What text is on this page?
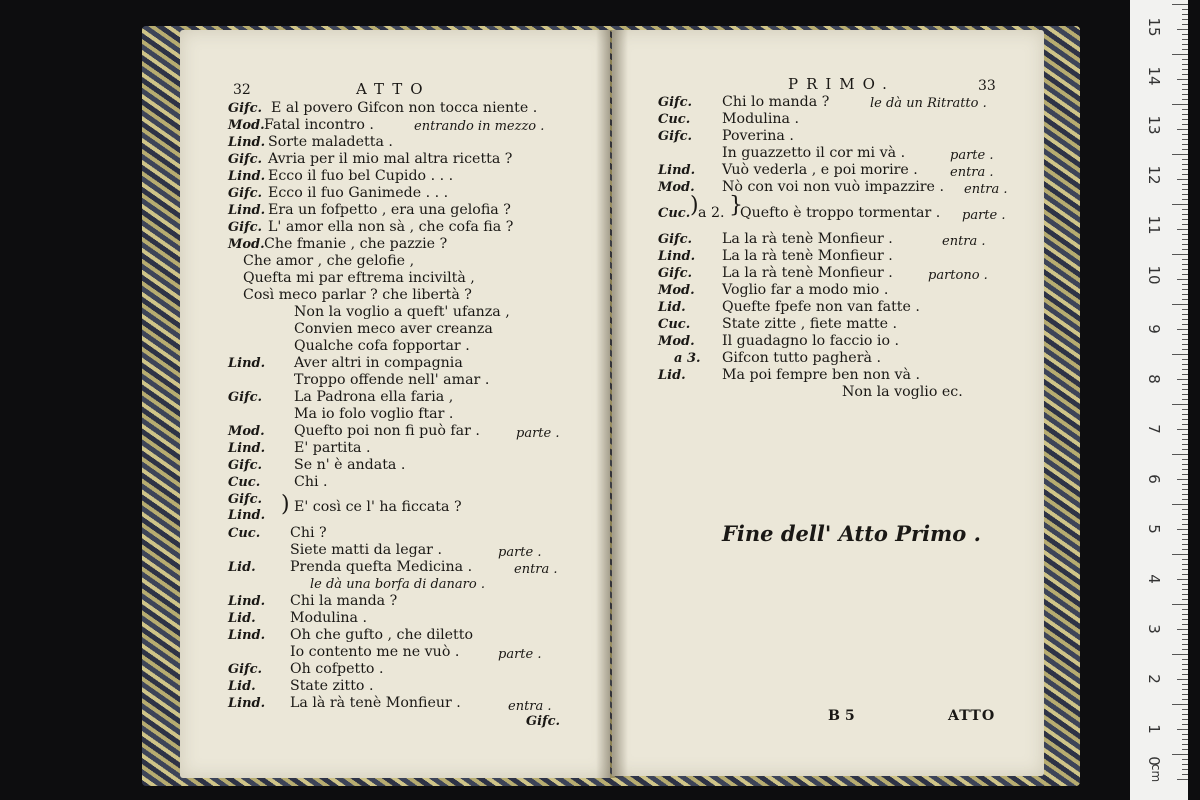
32	ATTO
Gifc. E al povero Gifcon non tocca niente .
Mod. Fatal incontro .	entrando in mezzo .
Lind. Sorte maladetta .
Gifc. Avria per il mio mal altra ricetta ?
Lind. Ecco il fuo bel Cupido . . .
Gifc. Ecco il fuo Ganimede . . .
Lind. Era un fofpetto , era una gelofia ?
Gifc. L' amor ella non sà , che cofa fia ?
Mod. Che fmanie , che pazzie ?
Che amor , che gelofie ,
Quefta mi par eftrema inciviltà ,
Così meco parlar ? che libertà ?
Non la voglio a queft' ufanza ,
Convien meco aver creanza
Qualche cofa fopportar .
Lind. Aver altri in compagnia
Troppo offende nell' amar .
Gifc. La Padrona ella faria ,
Ma io folo voglio ftar .
Mod. Quefto poi non fi può far .	parte .
Lind. E' partita .
Gifc. Se n' è andata .
Cuc. Chi .
Gifc.
Lind. ) E' così ce l' ha ficcata ?
Cuc. Chi ?
Siete matti da legar .	parte .
Lid. Prenda quefta Medicina .	entra .
le dà una borfa di danaro .
Lind. Chi la manda ?
Lid. Modulina .
Lind. Oh che gufto , che diletto
Io contento me ne vuò .	parte .
Gifc. Oh cofpetto .
Lid. State zitto .
Lind. La là rà tenè Monfieur .	entra .
Gifc.
PRIMO.	33
Gifc. Chi lo manda ?	le dà un Ritratto .
Cuc. Modulina .
Gifc. Poverina .
In guazzetto il cor mi và .	parte .
Lind. Vuò vederla , e poi morire . entra .
Mod. Nò con voi non vuò impazzire . entra .
Cuc. ) a 2. }
Quefto è troppo tormentar . parte .
Gifc. La la rà tenè Monfieur .	entra .
Lind. La la rà tenè Monfieur .
Gifc. La la rà tenè Monfieur .	partono .
Mod. Voglio far a modo mio .
Lid.	Quefte fpefe non van fatte .
Cuc. State zitte , fiete matte .
Mod. Il guadagno lo faccio io .
a 3. Gifcon tutto pagherà .
Lid.	Ma poi fempre ben non và .
Non la voglio ec.
Fine dell' Atto Primo .
B 5	ATTO
15
14
13
12
11
10
9
8
7
6
5
4
3
2
1
0
cm
